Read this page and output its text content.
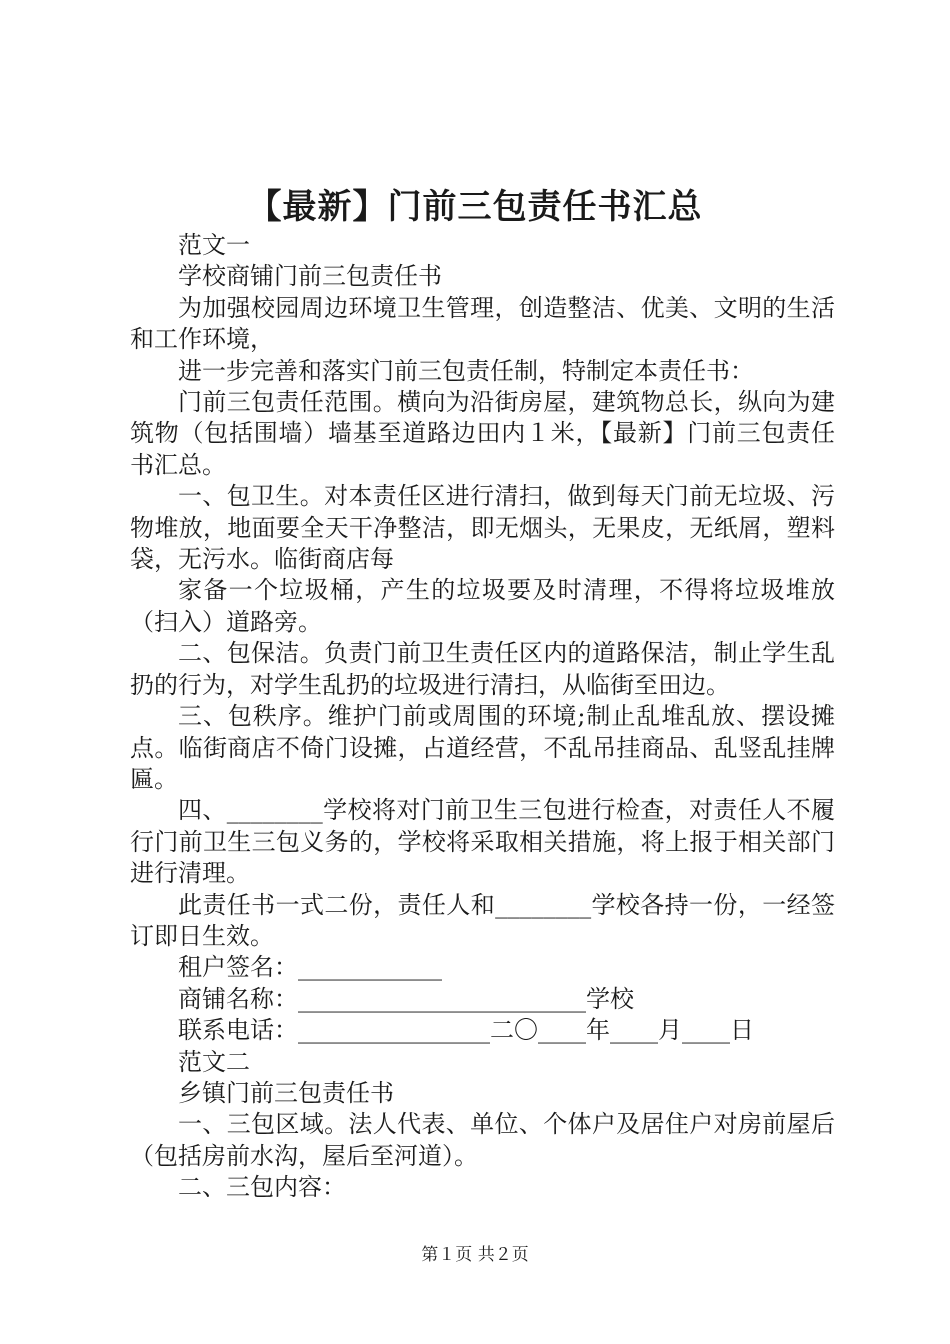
【最新】门前三包责任书汇总

范文一

学校商铺门前三包责任书

为加强校园周边环境卫生管理，创造整洁、优美、文明的生活和工作环境，

进一步完善和落实门前三包责任制，特制定本责任书：

门前三包责任范围。横向为沿街房屋，建筑物总长，纵向为建筑物（包括围墙）墙基至道路边田内１米，【最新】门前三包责任书汇总。

一、包卫生。对本责任区进行清扫，做到每天门前无垃圾、污物堆放，地面要全天干净整洁，即无烟头，无果皮，无纸屑，塑料袋，无污水。临街商店每

家备一个垃圾桶，产生的垃圾要及时清理，不得将垃圾堆放（扫入）道路旁。

二、包保洁。负责门前卫生责任区内的道路保洁，制止学生乱扔的行为，对学生乱扔的垃圾进行清扫，从临街至田边。

三、包秩序。维护门前或周围的环境;制止乱堆乱放、摆设摊点。临街商店不倚门设摊，占道经营，不乱吊挂商品、乱竖乱挂牌匾。

四、________学校将对门前卫生三包进行检查，对责任人不履行门前卫生三包义务的，学校将采取相关措施，将上报于相关部门进行清理。

此责任书一式二份，责任人和________学校各持一份，一经签订即日生效。

租户签名：____________

商铺名称：________________________学校

联系电话：________________二〇____年____月____日

范文二

乡镇门前三包责任书

一、三包区域。法人代表、单位、个体户及居住户对房前屋后（包括房前水沟，屋后至河道）。

二、三包内容：

第１页 共２页
